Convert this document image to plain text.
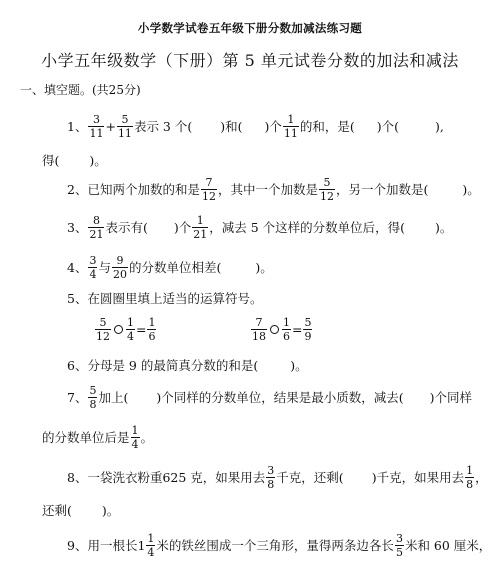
小学数学试卷五年级下册分数加减法练习题
小学五年级数学（下册）第 5 单元试卷分数的加法和减法
一、填空题。(共25分)
1、 $\frac{3}{11} + \frac{5}{11}$ 表示 3 个( )和( )个 $\frac{1}{11}$ 的和，是( )个(	),
得( )。
2、 已知两个加数的和是 $\frac{7}{12}$ ，其中一个加数是 $\frac{5}{12}$ ，另一个加数是(	)。
3、 $\frac{8}{21}$ 表示有( )个 $\frac{1}{21}$ ，减去 5 个这样的分数单位后，得( )。
4、 $\frac{3}{4}$ 与 $\frac{9}{20}$ 的分数单位相差(	)。
5、 在圆圈里填上适当的运算符号。
$\frac{5}{12} \frac{1}{4} = \frac{1}{6}$	$\frac{7}{18} \frac{1}{6} = \frac{5}{9}$
6、 分母是 9 的最简真分数的和是(	)。
7、 $\frac{5}{8}$ 加上( )个同样的分数单位，结果是最小质数，减去( )个同样
的分数单位后是 $\frac{1}{4}$ 。
8、 一袋洗衣粉重625 克，如果用去 $\frac{3}{8}$ 千克，还剩( )千克，如果用去 $\frac{1}{8}$ ，
还剩( )。
9、 用一根长 $1 \frac{1}{4}$ 米的铁丝围成一个三角形，量得两条边各长 $\frac{3}{5}$ 米和 60 厘米，
